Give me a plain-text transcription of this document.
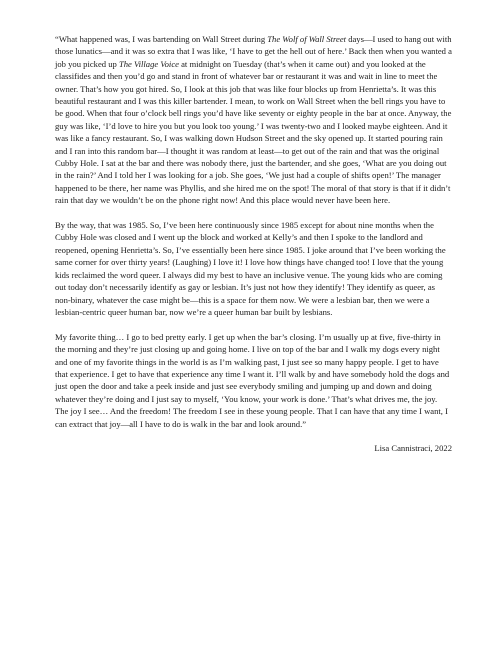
“What happened was, I was bartending on Wall Street during The Wolf of Wall Street days—I used to hang out with those lunatics—and it was so extra that I was like, ‘I have to get the hell out of here.’ Back then when you wanted a job you picked up The Village Voice at midnight on Tuesday (that’s when it came out) and you looked at the classifides and then you’d go and stand in front of whatever bar or restaurant it was and wait in line to meet the owner. That’s how you got hired. So, I look at this job that was like four blocks up from Henrietta’s. It was this beautiful restaurant and I was this killer bartender. I mean, to work on Wall Street when the bell rings you have to be good. When that four o’clock bell rings you’d have like seventy or eighty people in the bar at once. Anyway, the guy was like, ‘I’d love to hire you but you look too young.’ I was twenty-two and I looked maybe eighteen. And it was like a fancy restaurant. So, I was walking down Hudson Street and the sky opened up. It started pouring rain and I ran into this random bar—I thought it was random at least—to get out of the rain and that was the original Cubby Hole. I sat at the bar and there was nobody there, just the bartender, and she goes, ‘What are you doing out in the rain?’ And I told her I was looking for a job. She goes, ‘We just had a couple of shifts open!’ The manager happened to be there, her name was Phyllis, and she hired me on the spot! The moral of that story is that if it didn’t rain that day we wouldn’t be on the phone right now! And this place would never have been here.

By the way, that was 1985. So, I’ve been here continuously since 1985 except for about nine months when the Cubby Hole was closed and I went up the block and worked at Kelly’s and then I spoke to the landlord and reopened, opening Henrietta’s. So, I’ve essentially been here since 1985. I joke around that I’ve been working the same corner for over thirty years! (Laughing) I love it! I love how things have changed too! I love that the young kids reclaimed the word queer. I always did my best to have an inclusive venue. The young kids who are coming out today don’t necessarily identify as gay or lesbian. It’s just not how they identify! They identify as queer, as non-binary, whatever the case might be—this is a space for them now. We were a lesbian bar, then we were a lesbian-centric queer human bar, now we’re a queer human bar built by lesbians.

My favorite thing… I go to bed pretty early. I get up when the bar’s closing. I’m usually up at five, five-thirty in the morning and they’re just closing up and going home. I live on top of the bar and I walk my dogs every night and one of my favorite things in the world is as I’m walking past, I just see so many happy people. I get to have that experience. I get to have that experience any time I want it. I’ll walk by and have somebody hold the dogs and just open the door and take a peek inside and just see everybody smiling and jumping up and down and doing whatever they’re doing and I just say to myself, ‘You know, your work is done.’ That’s what drives me, the joy. The joy I see… And the freedom! The freedom I see in these young people. That I can have that any time I want, I can extract that joy—all I have to do is walk in the bar and look around.”

Lisa Cannistraci, 2022
